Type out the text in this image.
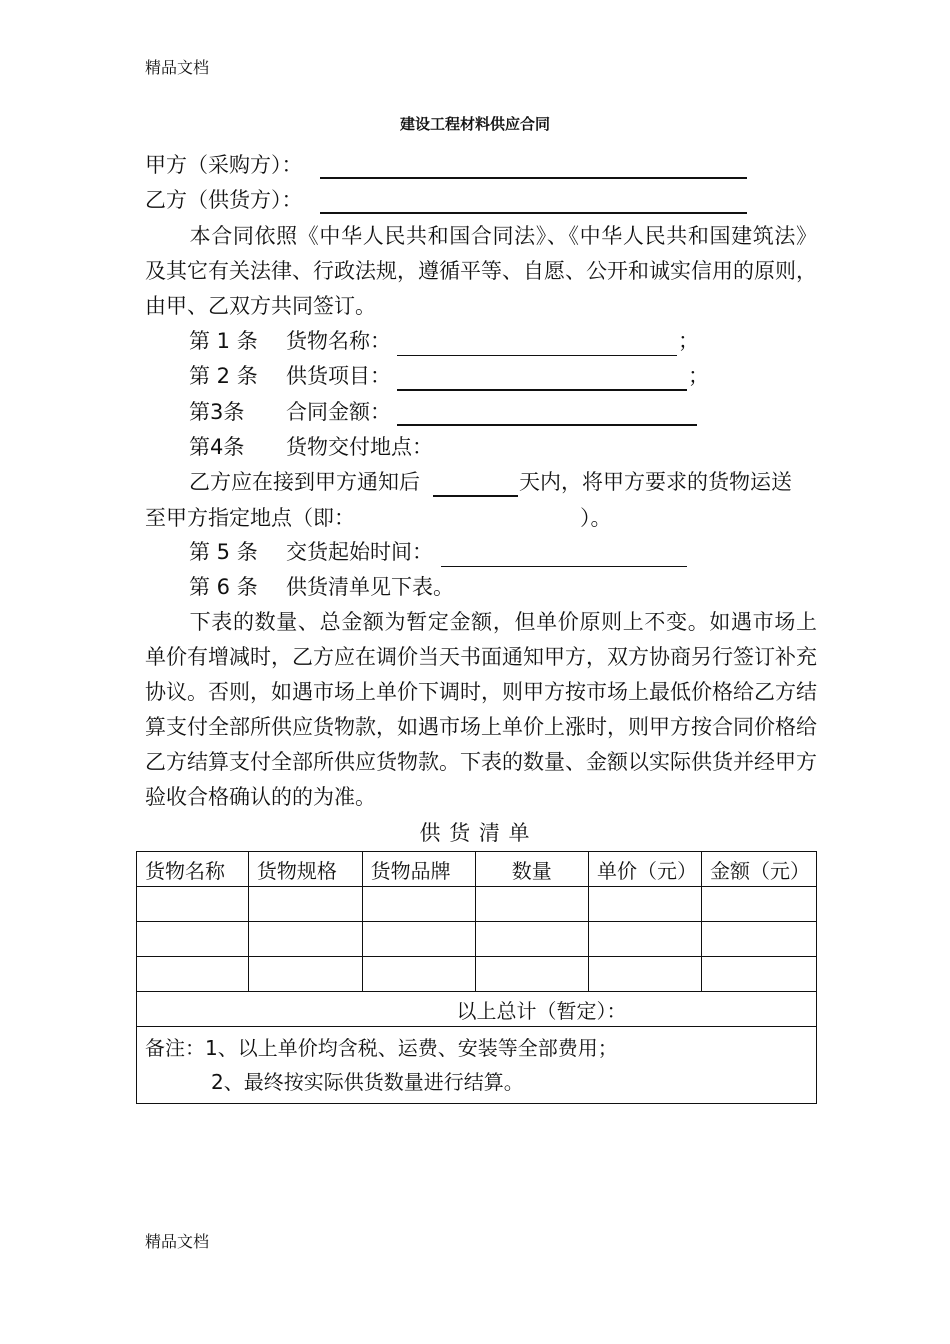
精品文档
建设工程材料供应合同
甲方（采购方）：
乙方（供货方）：
本合同依照《中华人民共和国合同法》、《中华人民共和国建筑法》及其它有关法律、行政法规，遵循平等、自愿、公开和诚实信用的原则，由甲、乙双方共同签订。
第 1 条 货物名称：	；
第 2 条 供货项目：	；
第3条 合同金额：
第4条 货物交付地点：
乙方应在接到甲方通知后	天内，将甲方要求的货物运送
至甲方指定地点（即：	）。
第 5 条 交货起始时间：
第 6 条 供货清单见下表。
下表的数量、总金额为暂定金额，但单价原则上不变。如遇市场上单价有增减时，乙方应在调价当天书面通知甲方，双方协商另行签订补充协议。否则，如遇市场上单价下调时，则甲方按市场上最低价格给乙方结算支付全部所供应货物款，如遇市场上单价上涨时，则甲方按合同价格给乙方结算支付全部所供应货物款。下表的数量、金额以实际供货并经甲方验收合格确认的的为准。
供 货 清 单
货物名称	货物规格	货物品牌	数量	单价（元）	金额（元）

以上总计（暂定）：					

备注：1、以上单价均含税、运费、安装等全部费用；
2、最终按实际供货数量进行结算。					
精品文档
